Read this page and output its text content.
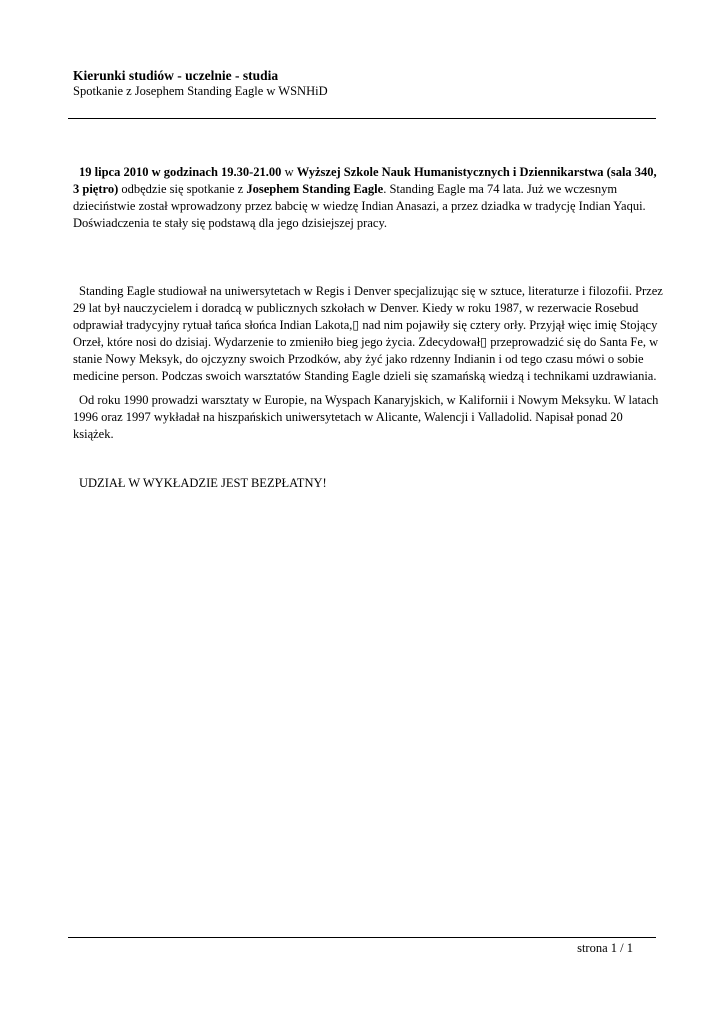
Kierunki studiów - uczelnie - studia

Spotkanie z Josephem Standing Eagle w WSNHiD

19 lipca 2010 w godzinach 19.30-21.00 w Wyższej Szkole Nauk Humanistycznych i Dziennikarstwa (sala 340, 3 piętro) odbędzie się spotkanie z Josephem Standing Eagle. Standing Eagle ma 74 lata. Już we wczesnym dzieciństwie został wprowadzony przez babcię w wiedzę Indian Anasazi, a przez dziadka w tradycję Indian Yaqui. Doświadczenia te stały się podstawą dla jego dzisiejszej pracy.

Standing Eagle studiował na uniwersytetach w Regis i Denver specjalizując się w sztuce, literaturze i filozofii. Przez 29 lat był nauczycielem i doradcą w publicznych szkołach w Denver. Kiedy w roku 1987, w rezerwacie Rosebud odprawiał tradycyjny rytuał tańca słońca Indian Lakota,▯ nad nim pojawiły się cztery orły. Przyjął więc imię Stojący Orzeł, które nosi do dzisiaj. Wydarzenie to zmieniło bieg jego życia. Zdecydował▯ przeprowadzić się do Santa Fe, w stanie Nowy Meksyk, do ojczyzny swoich Przodków, aby żyć jako rdzenny Indianin i od tego czasu mówi o sobie medicine person. Podczas swoich warsztatów Standing Eagle dzieli się szamańską wiedzą i technikami uzdrawiania.

Od roku 1990 prowadzi warsztaty w Europie, na Wyspach Kanaryjskich, w Kalifornii i Nowym Meksyku. W latach 1996 oraz 1997 wykładał na hiszpańskich uniwersytetach w Alicante, Walencji i Valladolid. Napisał ponad 20 książek.

UDZIAŁ W WYKŁADZIE JEST BEZPŁATNY!

strona 1 / 1
